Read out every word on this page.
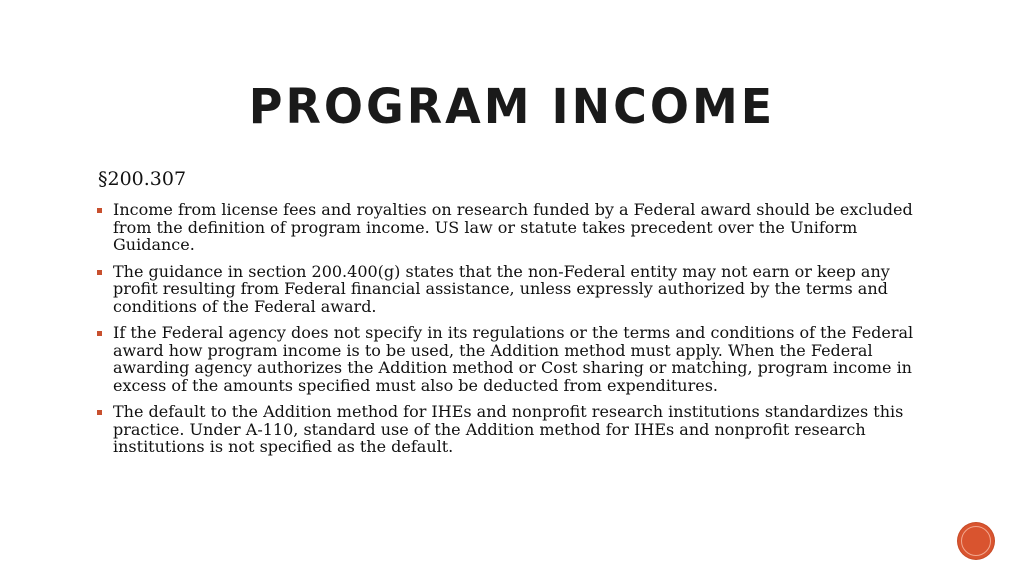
PROGRAM INCOME
§200.307
Income from license fees and royalties on research funded by a Federal award should be excluded from the definition of program income. US law or statute takes precedent over the Uniform Guidance.
The guidance in section 200.400(g) states that the non-Federal entity may not earn or keep any profit resulting from Federal financial assistance, unless expressly authorized by the terms and conditions of the Federal award.
If the Federal agency does not specify in its regulations or the terms and conditions of the Federal award how program income is to be used, the Addition method must apply. When the Federal awarding agency authorizes the Addition method or Cost sharing or matching, program income in excess of the amounts specified must also be deducted from expenditures.
The default to the Addition method for IHEs and nonprofit research institutions standardizes this practice. Under A-110, standard use of the Addition method for IHEs and nonprofit research institutions is not specified as the default.
